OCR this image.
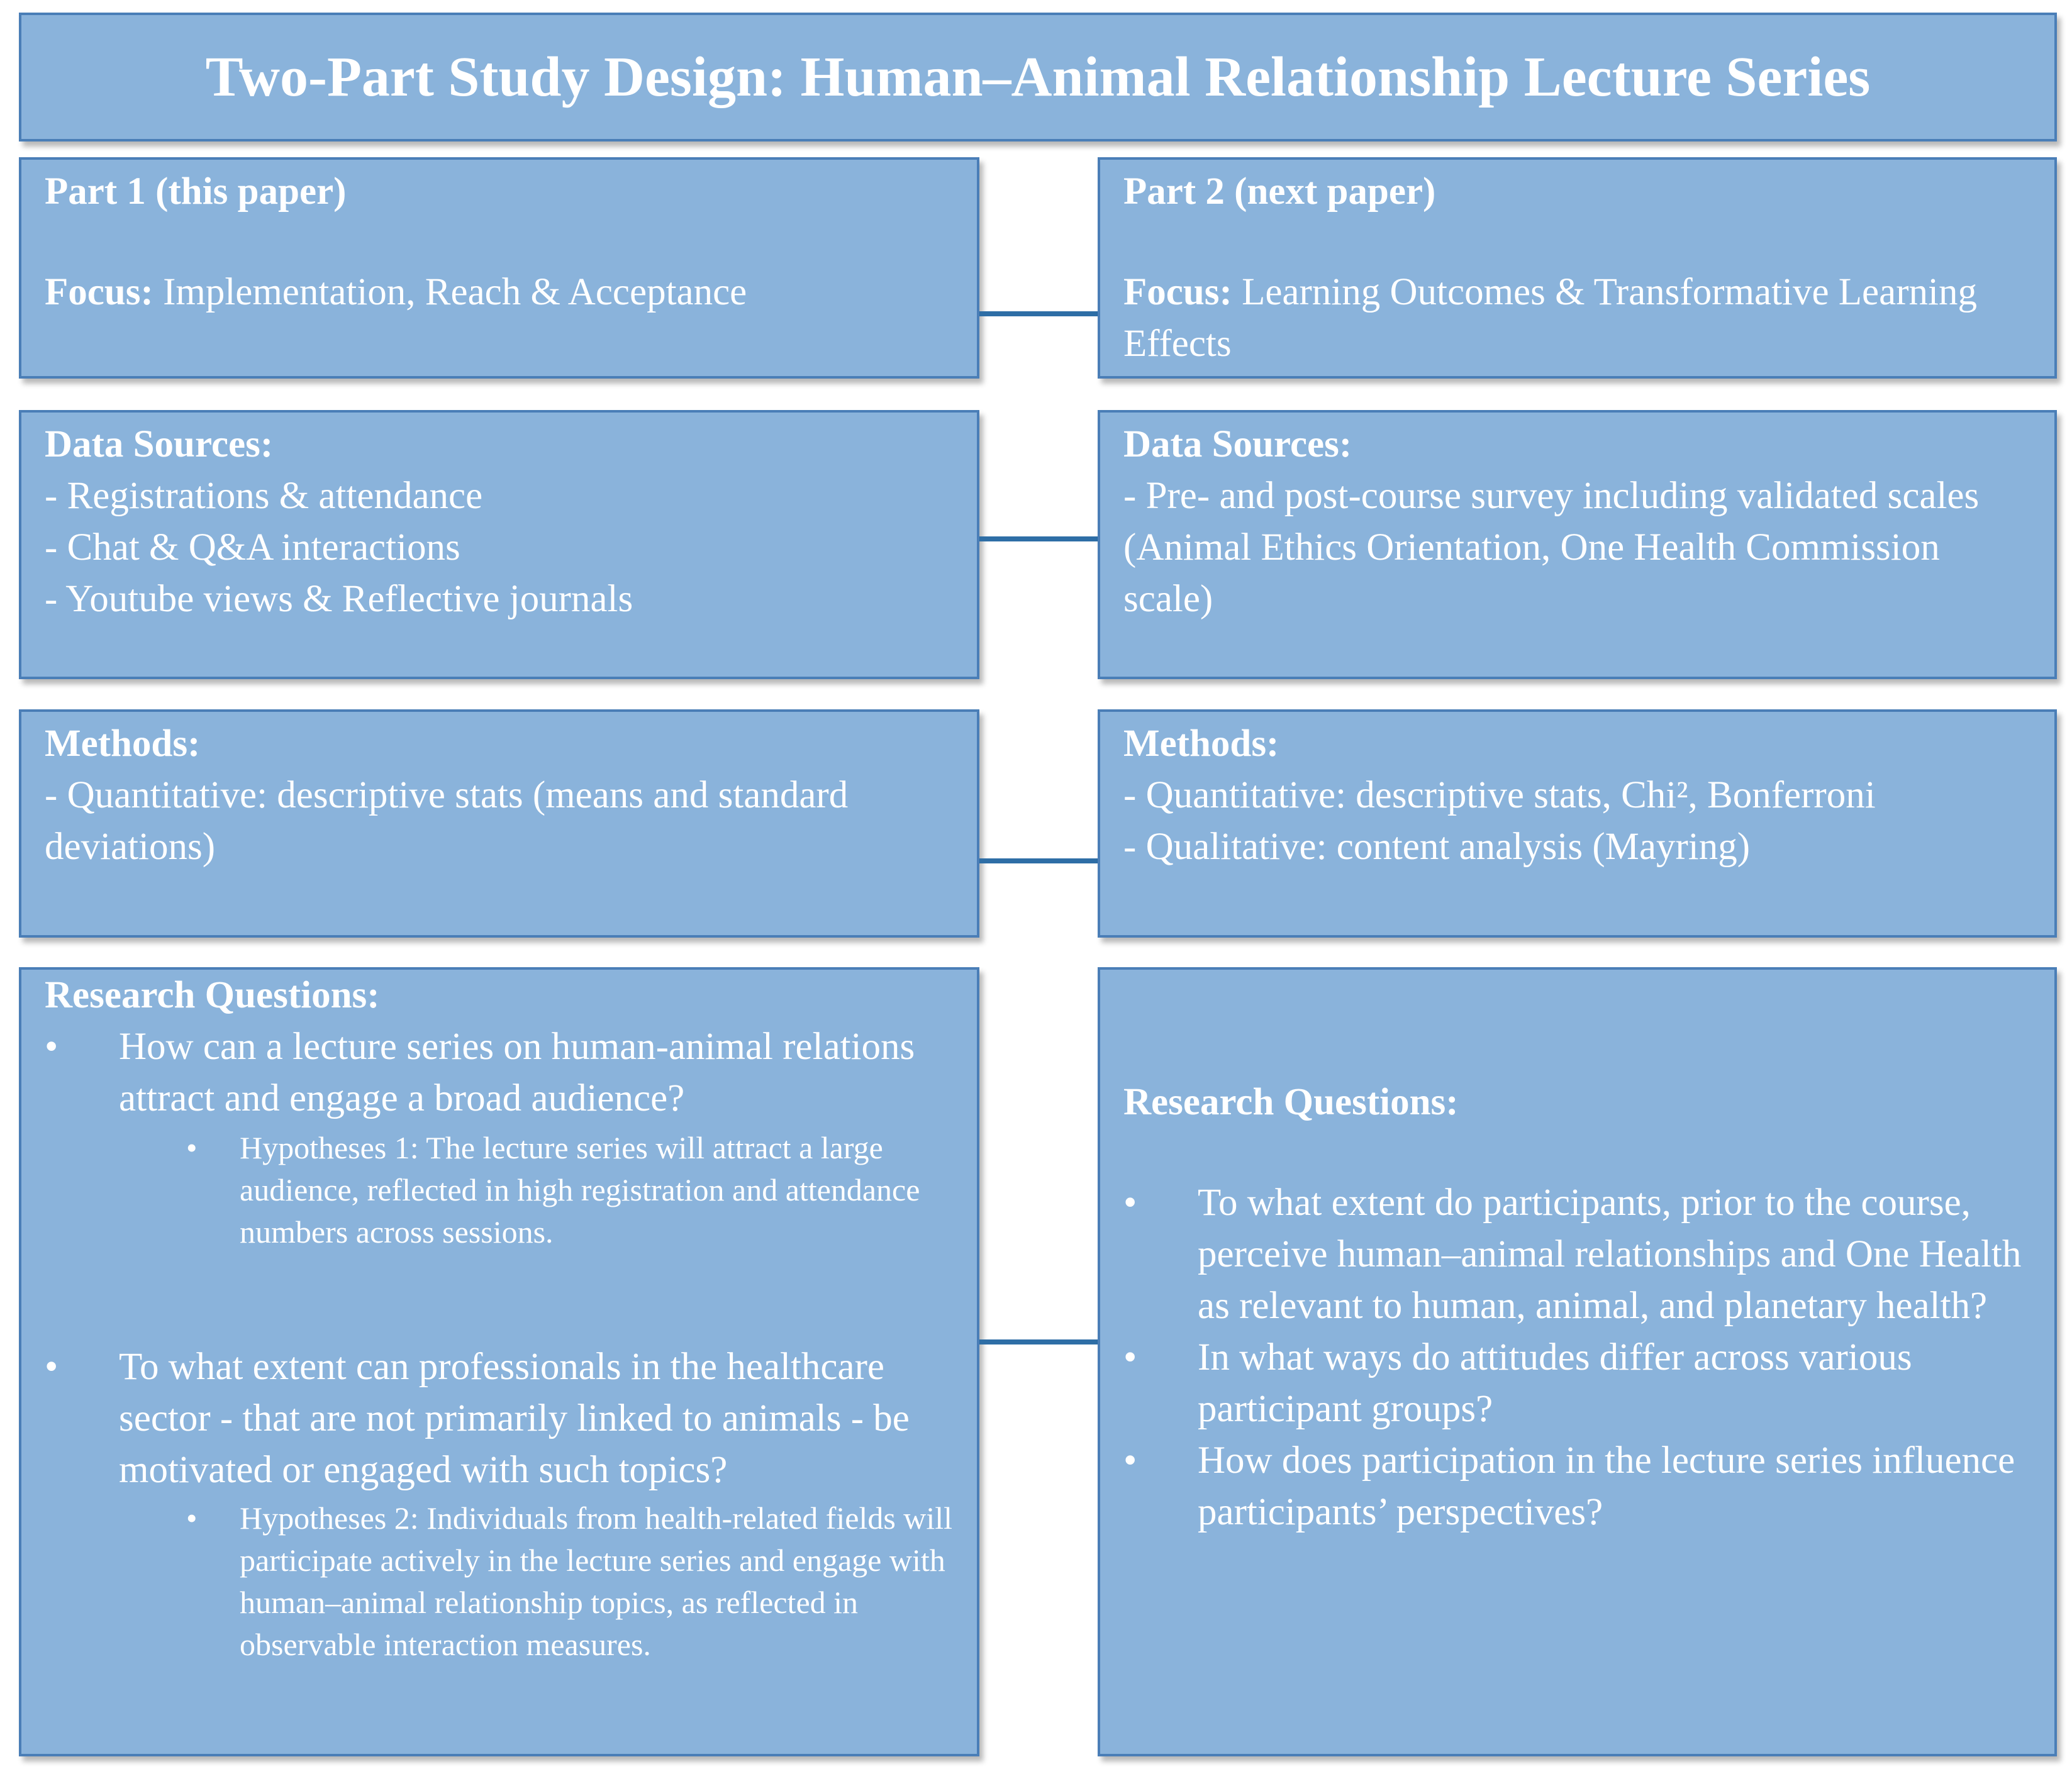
Two-Part Study Design: Human–Animal Relationship Lecture Series
Part 1 (this paper)
Focus: Implementation, Reach & Acceptance
Part 2 (next paper)
Focus: Learning Outcomes & Transformative Learning Effects
Data Sources:
- Registrations & attendance
- Chat & Q&A interactions
- Youtube views & Reflective journals
Data Sources:
- Pre- and post-course survey including validated scales (Animal Ethics Orientation, One Health Commission scale)
Methods:
- Quantitative: descriptive stats (means and standard deviations)
Methods:
- Quantitative: descriptive stats, Chi², Bonferroni
- Qualitative: content analysis (Mayring)
Research Questions:
• How can a lecture series on human-animal relations attract and engage a broad audience?
• Hypotheses 1: The lecture series will attract a large audience, reflected in high registration and attendance numbers across sessions.
• To what extent can professionals in the healthcare sector - that are not primarily linked to animals - be motivated or engaged with such topics?
• Hypotheses 2: Individuals from health-related fields will participate actively in the lecture series and engage with human–animal relationship topics, as reflected in observable interaction measures.
Research Questions:
• To what extent do participants, prior to the course, perceive human–animal relationships and One Health as relevant to human, animal, and planetary health?
• In what ways do attitudes differ across various participant groups?
• How does participation in the lecture series influence participants’ perspectives?
